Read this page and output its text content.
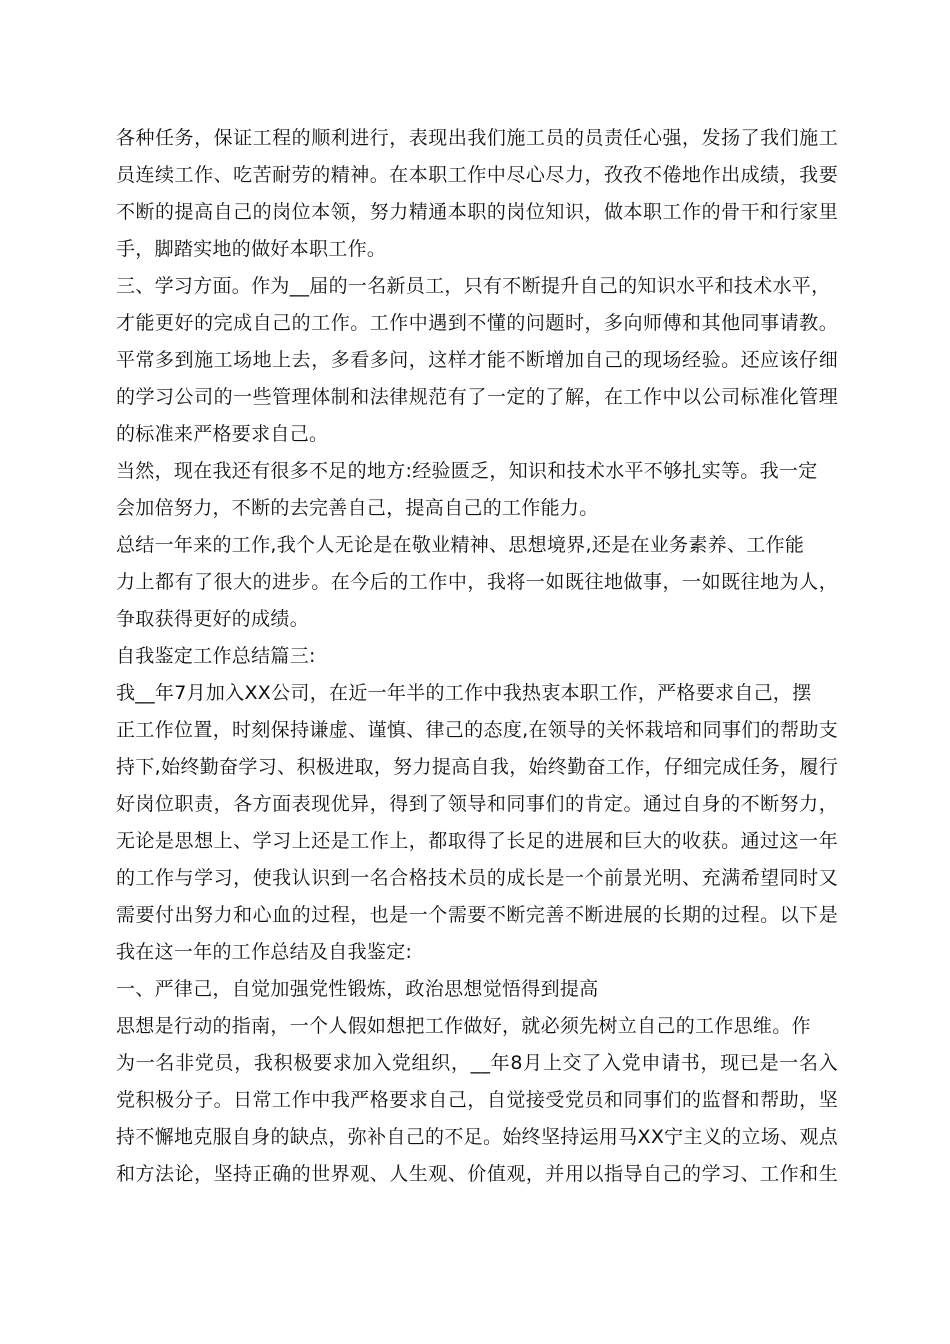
各种任务，保证工程的顺利进行，表现出我们施工员的员责任心强，发扬了我们施工
员连续工作、吃苦耐劳的精神。在本职工作中尽心尽力，孜孜不倦地作出成绩，我要
不断的提高自己的岗位本领，努力精通本职的岗位知识，做本职工作的骨干和行家里
手，脚踏实地的做好本职工作。
三、学习方面。作为__届的一名新员工，只有不断提升自己的知识水平和技术水平，
才能更好的完成自己的工作。工作中遇到不懂的问题时，多向师傅和其他同事请教。
平常多到施工场地上去，多看多问，这样才能不断增加自己的现场经验。还应该仔细
的学习公司的一些管理体制和法律规范有了一定的了解，在工作中以公司标准化管理
的标准来严格要求自己。
当然，现在我还有很多不足的地方:经验匮乏，知识和技术水平不够扎实等。我一定
会加倍努力，不断的去完善自己，提高自己的工作能力。
总结一年来的工作,我个人无论是在敬业精神、思想境界,还是在业务素养、工作能
力上都有了很大的进步。在今后的工作中，我将一如既往地做事，一如既往地为人，
争取获得更好的成绩。
自我鉴定工作总结篇三:
我__年7月加入XX公司，在近一年半的工作中我热衷本职工作，严格要求自己，摆
正工作位置，时刻保持谦虚、谨慎、律己的态度,在领导的关怀栽培和同事们的帮助支
持下,始终勤奋学习、积极进取，努力提高自我，始终勤奋工作，仔细完成任务，履行
好岗位职责，各方面表现优异，得到了领导和同事们的肯定。通过自身的不断努力，
无论是思想上、学习上还是工作上，都取得了长足的进展和巨大的收获。通过这一年
的工作与学习，使我认识到一名合格技术员的成长是一个前景光明、充满希望同时又
需要付出努力和心血的过程，也是一个需要不断完善不断进展的长期的过程。以下是
我在这一年的工作总结及自我鉴定:
一、严律己，自觉加强党性锻炼，政治思想觉悟得到提高
思想是行动的指南，一个人假如想把工作做好，就必须先树立自己的工作思维。作
为一名非党员，我积极要求加入党组织，__年8月上交了入党申请书，现已是一名入
党积极分子。日常工作中我严格要求自己，自觉接受党员和同事们的监督和帮助，坚
持不懈地克服自身的缺点，弥补自己的不足。始终坚持运用马XX宁主义的立场、观点
和方法论，坚持正确的世界观、人生观、价值观，并用以指导自己的学习、工作和生
